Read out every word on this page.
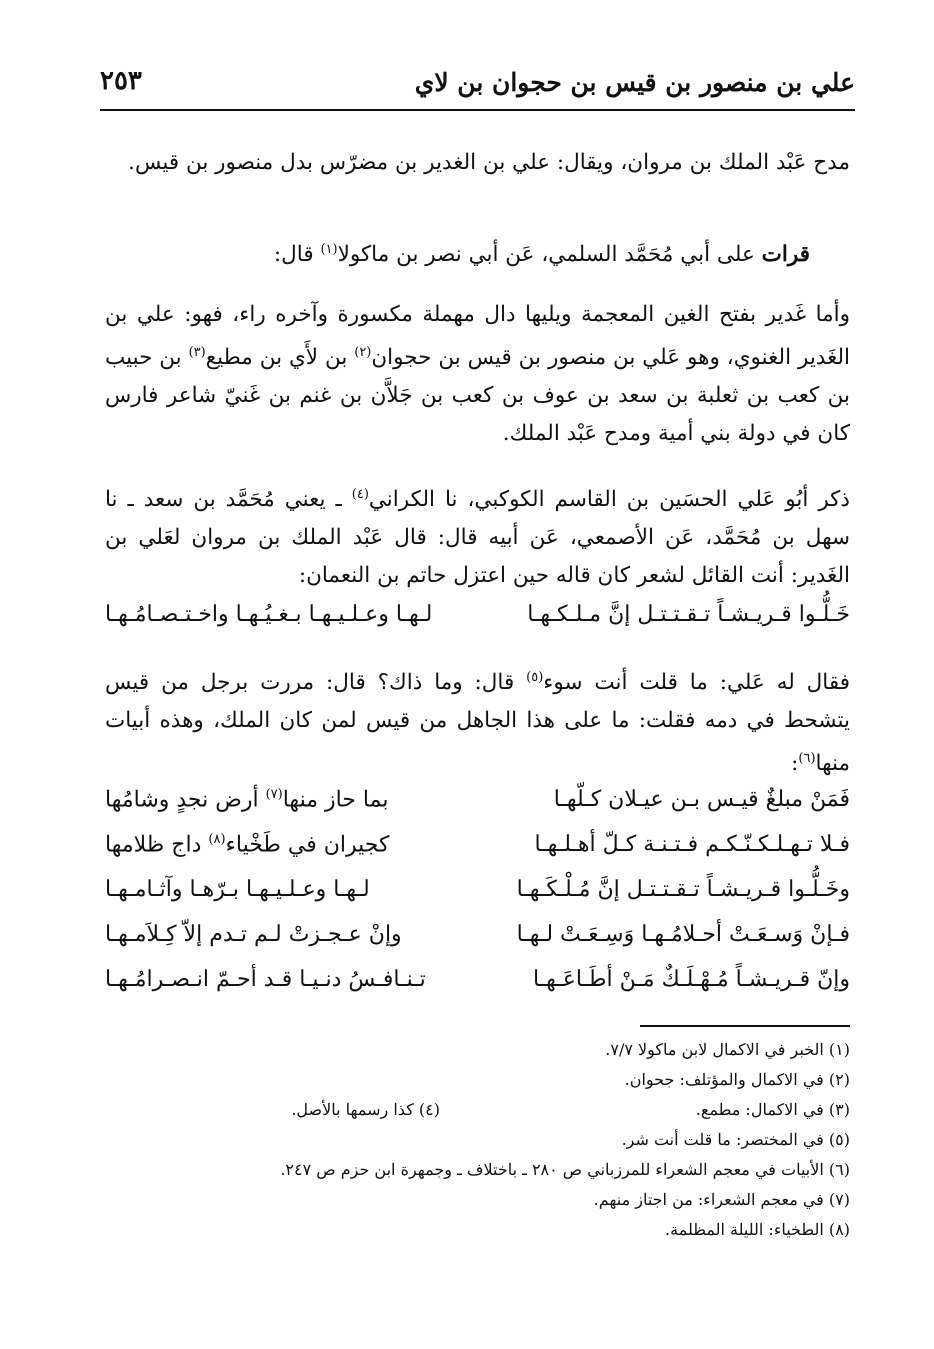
علي بن منصور بن قيس بن حجوان بن لاي
٢٥٣
مدح عَبْد الملك بن مروان، ويقال: علي بن الغدير بن مضرّس بدل منصور بن قيس.
قرات على أبي مُحَمَّد السلمي، عَن أبي نصر بن ماكولا$^{(١)}$ قال:
وأما غَدير بفتح الغين المعجمة ويليها دال مهملة مكسورة وآخره راء، فهو: علي بن الغَدير الغنوي، وهو عَلي بن منصور بن قيس بن حجوان$^{(٢)}$ بن لأَي بن مطيع$^{(٣)}$ بن حبيب بن كعب بن ثعلبة بن سعد بن عوف بن كعب بن جَلاَّن بن غنم بن غَنيّ شاعر فارس كان في دولة بني أمية ومدح عَبْد الملك.
ذكر أبُو عَلي الحسَين بن القاسم الكوكبي، نا الكراني$^{(٤)}$ ـ يعني مُحَمَّد بن سعد ـ نا سهل بن مُحَمَّد، عَن الأصمعي، عَن أبيه قال: قال عَبْد الملك بن مروان لعَلي بن الغَدير: أنت القائل لشعر كان قاله حين اعتزل حاتم بن النعمان:
خَـلُّـوا قـريـشـاً تـقـتـتـل إنَّ مـلـكـهـا
لـهـا وعـلـيـهـا بـغـيُـهـا واخـتـصـامُـهـا
فقال له عَلي: ما قلت أنت سوء$^{(٥)}$ قال: وما ذاك؟ قال: مررت برجل من قيس يتشحط في دمه فقلت: ما على هذا الجاهل من قيس لمن كان الملك، وهذه أبيات منها$^{(٦)}$:
فَمَنْ مبلغٌ قيـس بـن عيـلان كـلّهـا
بما حاز منها$^{(٧)}$ أرض نجدٍ وشامُها
فـلا تـهـلـكـنّـكـم فـتـنـة كـلّ أهـلـهـا
كجيران في طَخْياء$^{(٨)}$ داج ظلامها
وخَـلُّـوا قـريـشـاً تـقـتـتـل إنَّ مُـلْـكَـهـا
لـهـا وعـلـيـهـا بـرّهـا وآثـامـهـا
فـإنْ وَسـعَـتْ أحـلامُـهـا وَسِـعَـتْ لـهـا
وإنْ عـجـزتْ لـم تـدم إلاّ كِـلاَمـهـا
وإنّ قـريـشـاً مُـهْـلَـكٌ مَـنْ أطَـاعَـهـا
تـنـافـسُ دنـيـا قـد أحـمّ انـصـرامُـهـا
(١) الخبر في الاكمال لابن ماكولا ٧/٧.
(٢) في الاكمال والمؤتلف: جحوان.
(٣) في الاكمال: مطمع.
(٤) كذا رسمها بالأصل.
(٥) في المختصر: ما قلت أنت شر.
(٦) الأبيات في معجم الشعراء للمرزباني ص ٢٨٠ ـ باختلاف ـ وجمهرة ابن حزم ص ٢٤٧.
(٧) في معجم الشعراء: من اجتاز منهم.
(٨) الطخياء: الليلة المظلمة.
